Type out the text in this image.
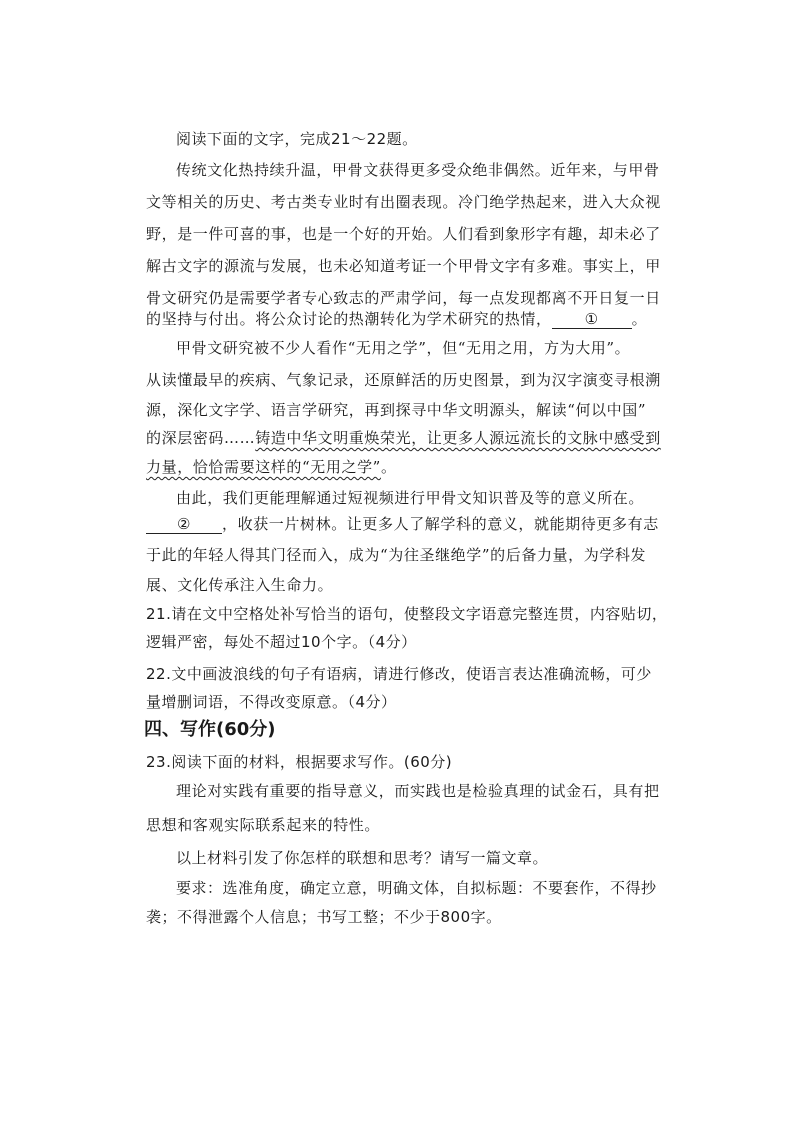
阅读下面的文字，完成21～22题。
传统文化热持续升温，甲骨文获得更多受众绝非偶然。近年来，与甲骨
文等相关的历史、考古类专业时有出圈表现。冷门绝学热起来，进入大众视
野，是一件可喜的事，也是一个好的开始。人们看到象形字有趣，却未必了
解古文字的源流与发展，也未必知道考证一个甲骨文字有多难。事实上，甲
骨文研究仍是需要学者专心致志的严肃学问，每一点发现都离不开日复一日
的坚持与付出。将公众讨论的热潮转化为学术研究的热情， ① 。
甲骨文研究被不少人看作“无用之学”，但“无用之用，方为大用”。
从读懂最早的疾病、气象记录，还原鲜活的历史图景，到为汉字演变寻根溯
源，深化文字学、语言学研究，再到探寻中华文明源头，解读“何以中国”
的深层密码……铸造中华文明重焕荣光，让更多人源远流长的文脉中感受到
力量，恰恰需要这样的“无用之学”。
由此，我们更能理解通过短视频进行甲骨文知识普及等的意义所在。
② ，收获一片树林。让更多人了解学科的意义，就能期待更多有志
于此的年轻人得其门径而入，成为“为往圣继绝学”的后备力量，为学科发
展、文化传承注入生命力。
21.请在文中空格处补写恰当的语句，使整段文字语意完整连贯，内容贴切，
逻辑严密，每处不超过10个字。（4分）
22.文中画波浪线的句子有语病，请进行修改，使语言表达准确流畅，可少
量增删词语，不得改变原意。（4分）
四、写作(60分)
23.阅读下面的材料，根据要求写作。(60分)
理论对实践有重要的指导意义，而实践也是检验真理的试金石，具有把
思想和客观实际联系起来的特性。
以上材料引发了你怎样的联想和思考？请写一篇文章。
要求：选准角度，确定立意，明确文体，自拟标题：不要套作，不得抄
袭；不得泄露个人信息；书写工整；不少于800字。
